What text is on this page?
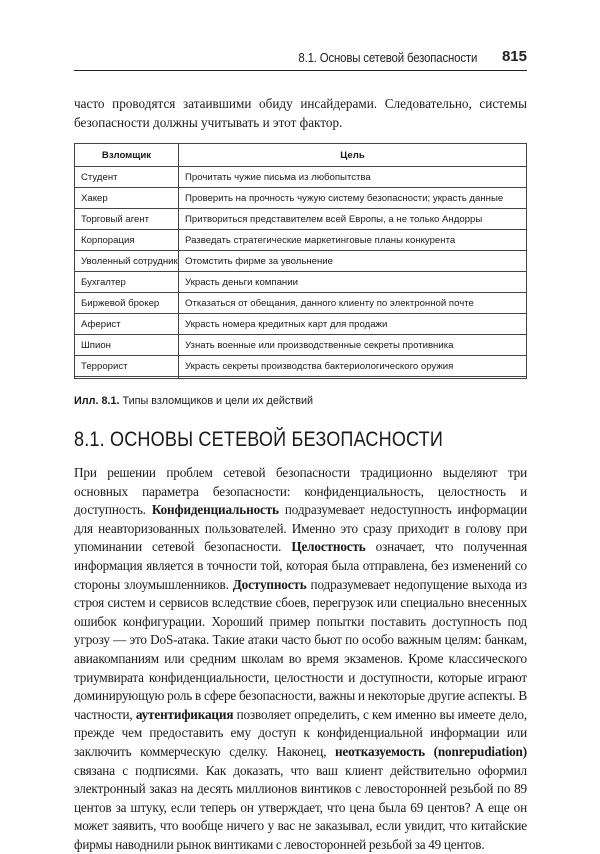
8.1. Основы сетевой безопасности 815

часто проводятся затаившими обиду инсайдерами. Следовательно, системы безопасности должны учитывать и этот фактор.

Взломщик	Цель
Студент	Прочитать чужие письма из любопытства
Хакер	Проверить на прочность чужую систему безопасности; украсть данные
Торговый агент	Притвориться представителем всей Европы, а не только Андорры
Корпорация	Разведать стратегические маркетинговые планы конкурента
Уволенный сотрудник	Отомстить фирме за увольнение
Бухгалтер	Украсть деньги компании
Биржевой брокер	Отказаться от обещания, данного клиенту по электронной почте
Аферист	Украсть номера кредитных карт для продажи
Шпион	Узнать военные или производственные секреты противника
Террорист	Украсть секреты производства бактериологического оружия

Илл. 8.1. Типы взломщиков и цели их действий
8.1. ОСНОВЫ СЕТЕВОЙ БЕЗОПАСНОСТИ

При решении проблем сетевой безопасности традиционно выделяют три основных параметра безопасности: конфиденциальность, целостность и доступность. Конфиденциальность подразумевает недоступность информации для неавторизованных пользователей. Именно это сразу приходит в голову при упоминании сетевой безопасности. Целостность означает, что полученная информация является в точности той, которая была отправлена, без изменений со стороны злоумышленников. Доступность подразумевает недопущение выхода из строя систем и сервисов вследствие сбоев, перегрузок или специально внесенных ошибок конфигурации. Хороший пример попытки поставить доступность под угрозу — это DoS-атака. Такие атаки часто бьют по особо важным целям: банкам, авиакомпаниям или средним школам во время экзаменов. Кроме классического триумвирата конфиденциальности, целостности и доступности, которые играют доминирующую роль в сфере безопасности, важны и некоторые другие аспекты. В частности, аутентификация позволяет определить, с кем именно вы имеете дело, прежде чем предоставить ему доступ к конфиденциальной информации или заключить коммерческую сделку. Наконец, неотказуемость (nonrepudiation) связана с подписями. Как доказать, что ваш клиент действительно оформил электронный заказ на десять миллионов винтиков с левосторонней резьбой по 89 центов за штуку, если теперь он утверждает, что цена была 69 центов? А еще он может заявить, что вообще ничего у вас не заказывал, если увидит, что китайские фирмы наводнили рынок винтиками с левосторонней резьбой за 49 центов.
